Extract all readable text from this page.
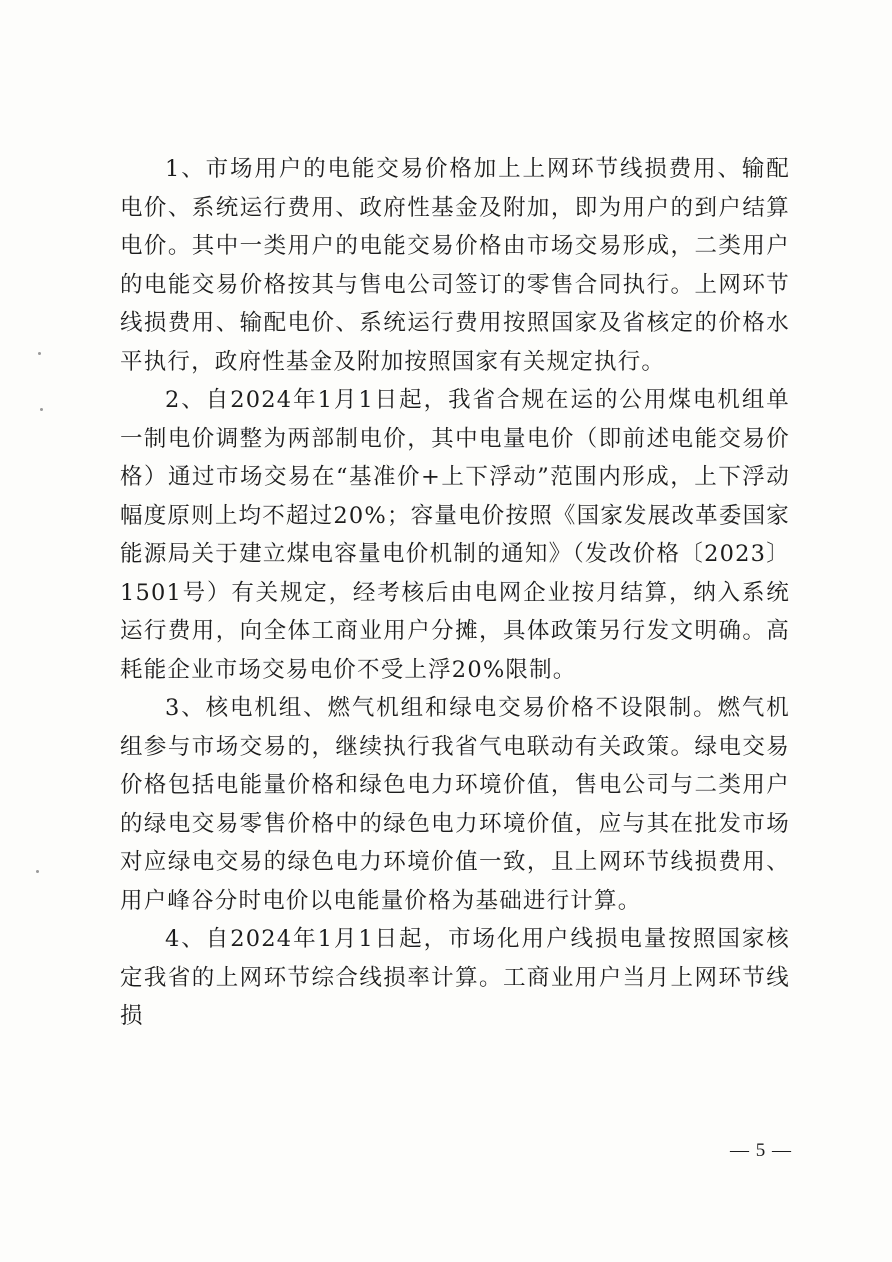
1、市场用户的电能交易价格加上上网环节线损费用、输配电价、系统运行费用、政府性基金及附加，即为用户的到户结算电价。其中一类用户的电能交易价格由市场交易形成，二类用户的电能交易价格按其与售电公司签订的零售合同执行。上网环节线损费用、输配电价、系统运行费用按照国家及省核定的价格水平执行，政府性基金及附加按照国家有关规定执行。

2、自2024年1月1日起，我省合规在运的公用煤电机组单一制电价调整为两部制电价，其中电量电价（即前述电能交易价格）通过市场交易在“基准价+上下浮动”范围内形成，上下浮动幅度原则上均不超过20%；容量电价按照《国家发展改革委国家能源局关于建立煤电容量电价机制的通知》（发改价格〔2023〕1501号）有关规定，经考核后由电网企业按月结算，纳入系统运行费用，向全体工商业用户分摊，具体政策另行发文明确。高耗能企业市场交易电价不受上浮20%限制。

3、核电机组、燃气机组和绿电交易价格不设限制。燃气机组参与市场交易的，继续执行我省气电联动有关政策。绿电交易价格包括电能量价格和绿色电力环境价值，售电公司与二类用户的绿电交易零售价格中的绿色电力环境价值，应与其在批发市场对应绿电交易的绿色电力环境价值一致，且上网环节线损费用、用户峰谷分时电价以电能量价格为基础进行计算。

4、自2024年1月1日起，市场化用户线损电量按照国家核定我省的上网环节综合线损率计算。工商业用户当月上网环节线损

— 5 —
